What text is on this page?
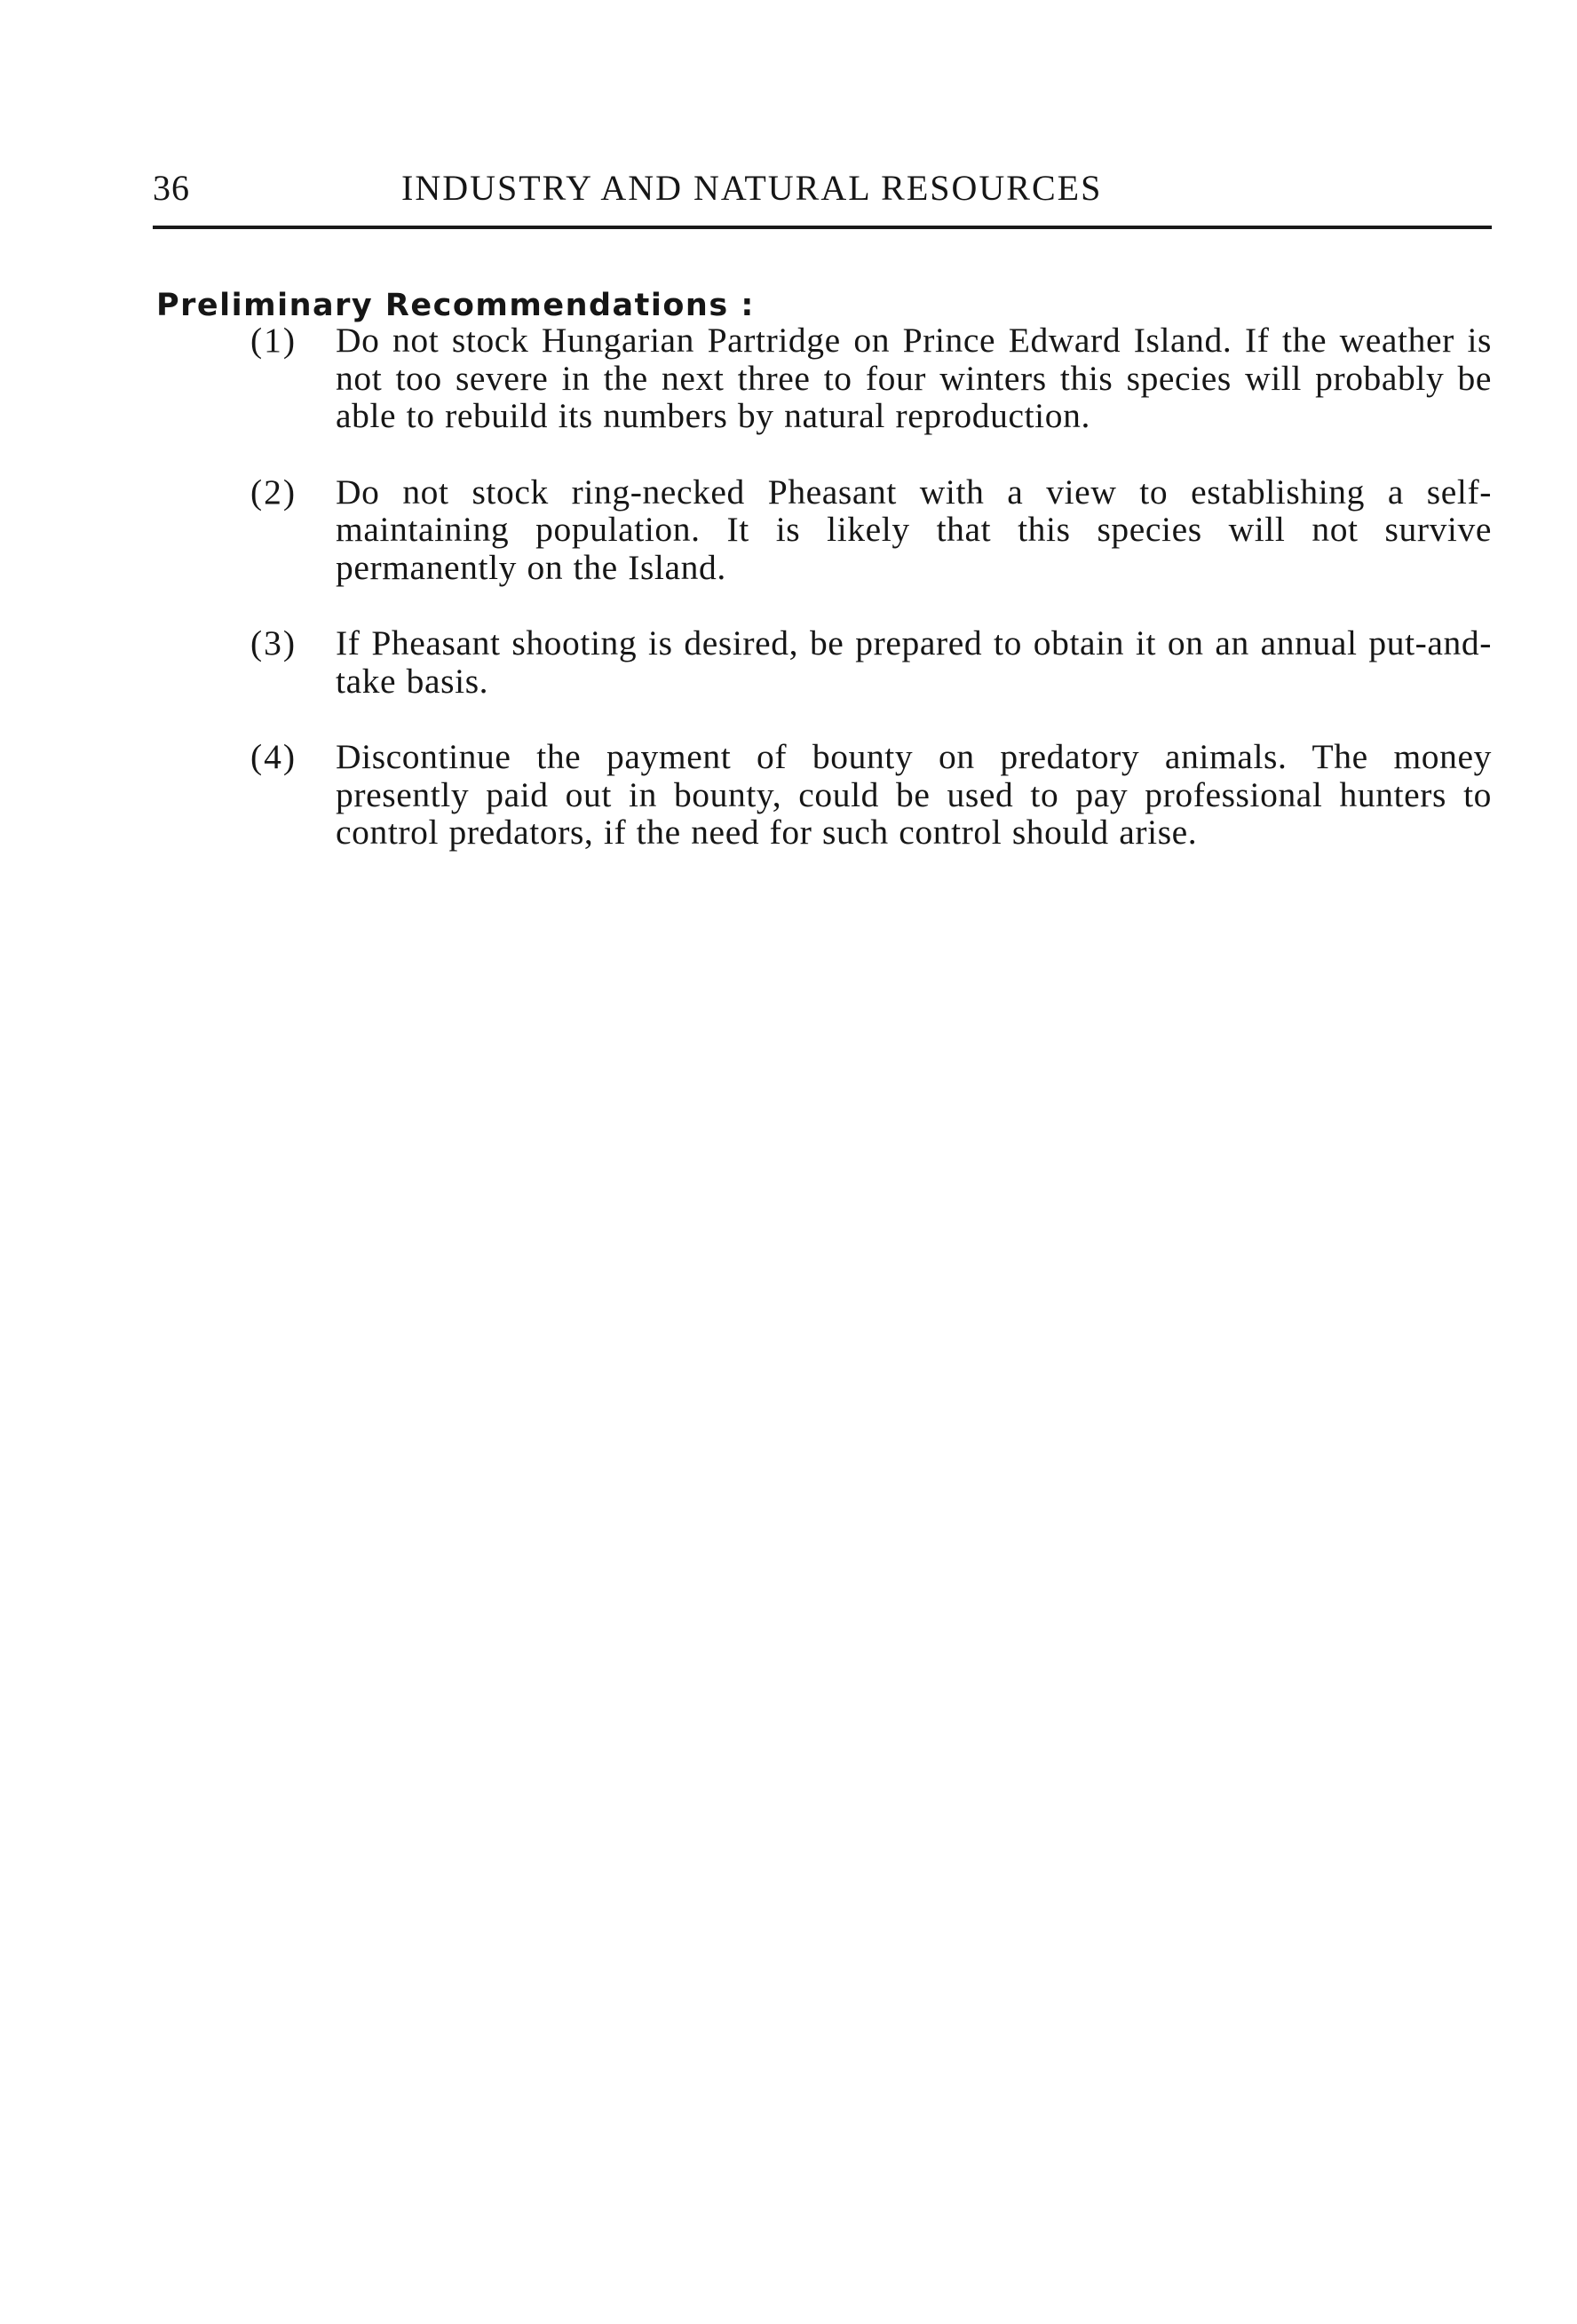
36	INDUSTRY AND NATURAL RESOURCES
Preliminary Recommendations :
(1) Do not stock Hungarian Partridge on Prince Edward Island. If the weather is not too severe in the next three to four winters this species will probably be able to rebuild its numbers by natural reproduction.
(2) Do not stock ring-necked Pheasant with a view to establishing a self-maintaining population. It is likely that this species will not survive permanently on the Island.
(3) If Pheasant shooting is desired, be prepared to obtain it on an annual put-and-take basis.
(4) Discontinue the payment of bounty on predatory animals. The money presently paid out in bounty, could be used to pay professional hunters to control predators, if the need for such control should arise.
